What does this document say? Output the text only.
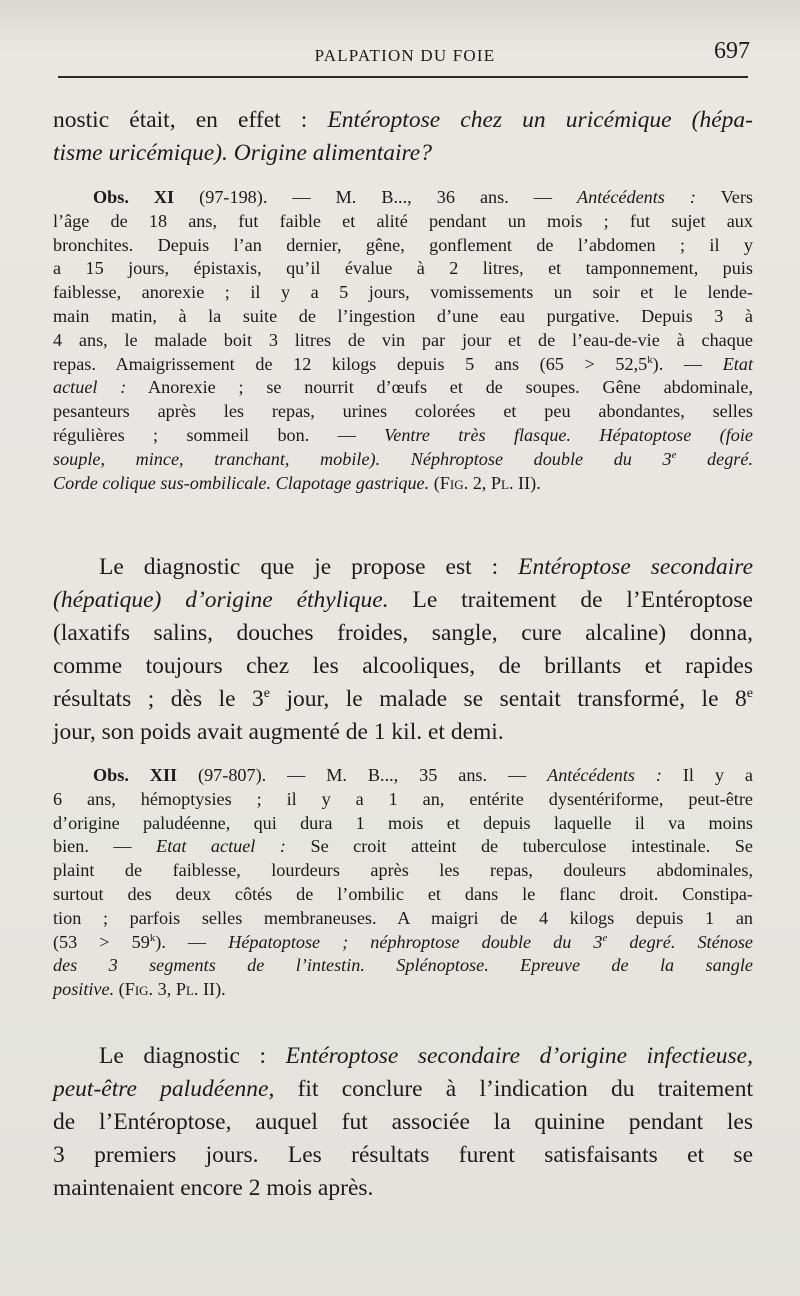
PALPATION DU FOIE	697
nostic était, en effet : Entéroptose chez un uricémique (hépa-
tisme uricémique). Origine alimentaire?
Obs. XI (97-198). — M. B..., 36 ans. — Antécédents : Vers
l’âge de 18 ans, fut faible et alité pendant un mois ; fut sujet aux
bronchites. Depuis l’an dernier, gêne, gonflement de l’abdomen ; il y
a 15 jours, épistaxis, qu’il évalue à 2 litres, et tamponnement, puis
faiblesse, anorexie ; il y a 5 jours, vomissements un soir et le lende-
main matin, à la suite de l’ingestion d’une eau purgative. Depuis 3 à
4 ans, le malade boit 3 litres de vin par jour et de l’eau-de-vie à chaque
repas. Amaigrissement de 12 kilogs depuis 5 ans $(65 > 52,5^k)$. — Etat
actuel : Anorexie ; se nourrit d’œufs et de soupes. Gêne abdominale,
pesanteurs après les repas, urines colorées et peu abondantes, selles
régulières ; sommeil bon. — Ventre très flasque. Hépatoptose (foie
souple, mince, tranchant, mobile). Néphroptose double du 3e degré.
Corde colique sus-ombilicale. Clapotage gastrique. (Fig. 2, Pl. II).
Le diagnostic que je propose est : Entéroptose secondaire
(hépatique) d’origine éthylique. Le traitement de l’Entéroptose
(laxatifs salins, douches froides, sangle, cure alcaline) donna,
comme toujours chez les alcooliques, de brillants et rapides
résultats ; dès le 3e jour, le malade se sentait transformé, le 8e
jour, son poids avait augmenté de 1 kil. et demi.
Obs. XII (97-807). — M. B..., 35 ans. — Antécédents : Il y a
6 ans, hémoptysies ; il y a 1 an, entérite dysentériforme, peut-être
d’origine paludéenne, qui dura 1 mois et depuis laquelle il va moins
bien. — Etat actuel : Se croit atteint de tuberculose intestinale. Se
plaint de faiblesse, lourdeurs après les repas, douleurs abdominales,
surtout des deux côtés de l’ombilic et dans le flanc droit. Constipa-
tion ; parfois selles membraneuses. A maigri de 4 kilogs depuis 1 an
$(53 > 59^k)$. — Hépatoptose ; néphroptose double du 3e degré. Sténose
des 3 segments de l’intestin. Splénoptose. Epreuve de la sangle
positive. (Fig. 3, Pl. II).
Le diagnostic : Entéroptose secondaire d’origine infectieuse,
peut-être paludéenne, fit conclure à l’indication du traitement
de l’Entéroptose, auquel fut associée la quinine pendant les
3 premiers jours. Les résultats furent satisfaisants et se
maintenaient encore 2 mois après.
